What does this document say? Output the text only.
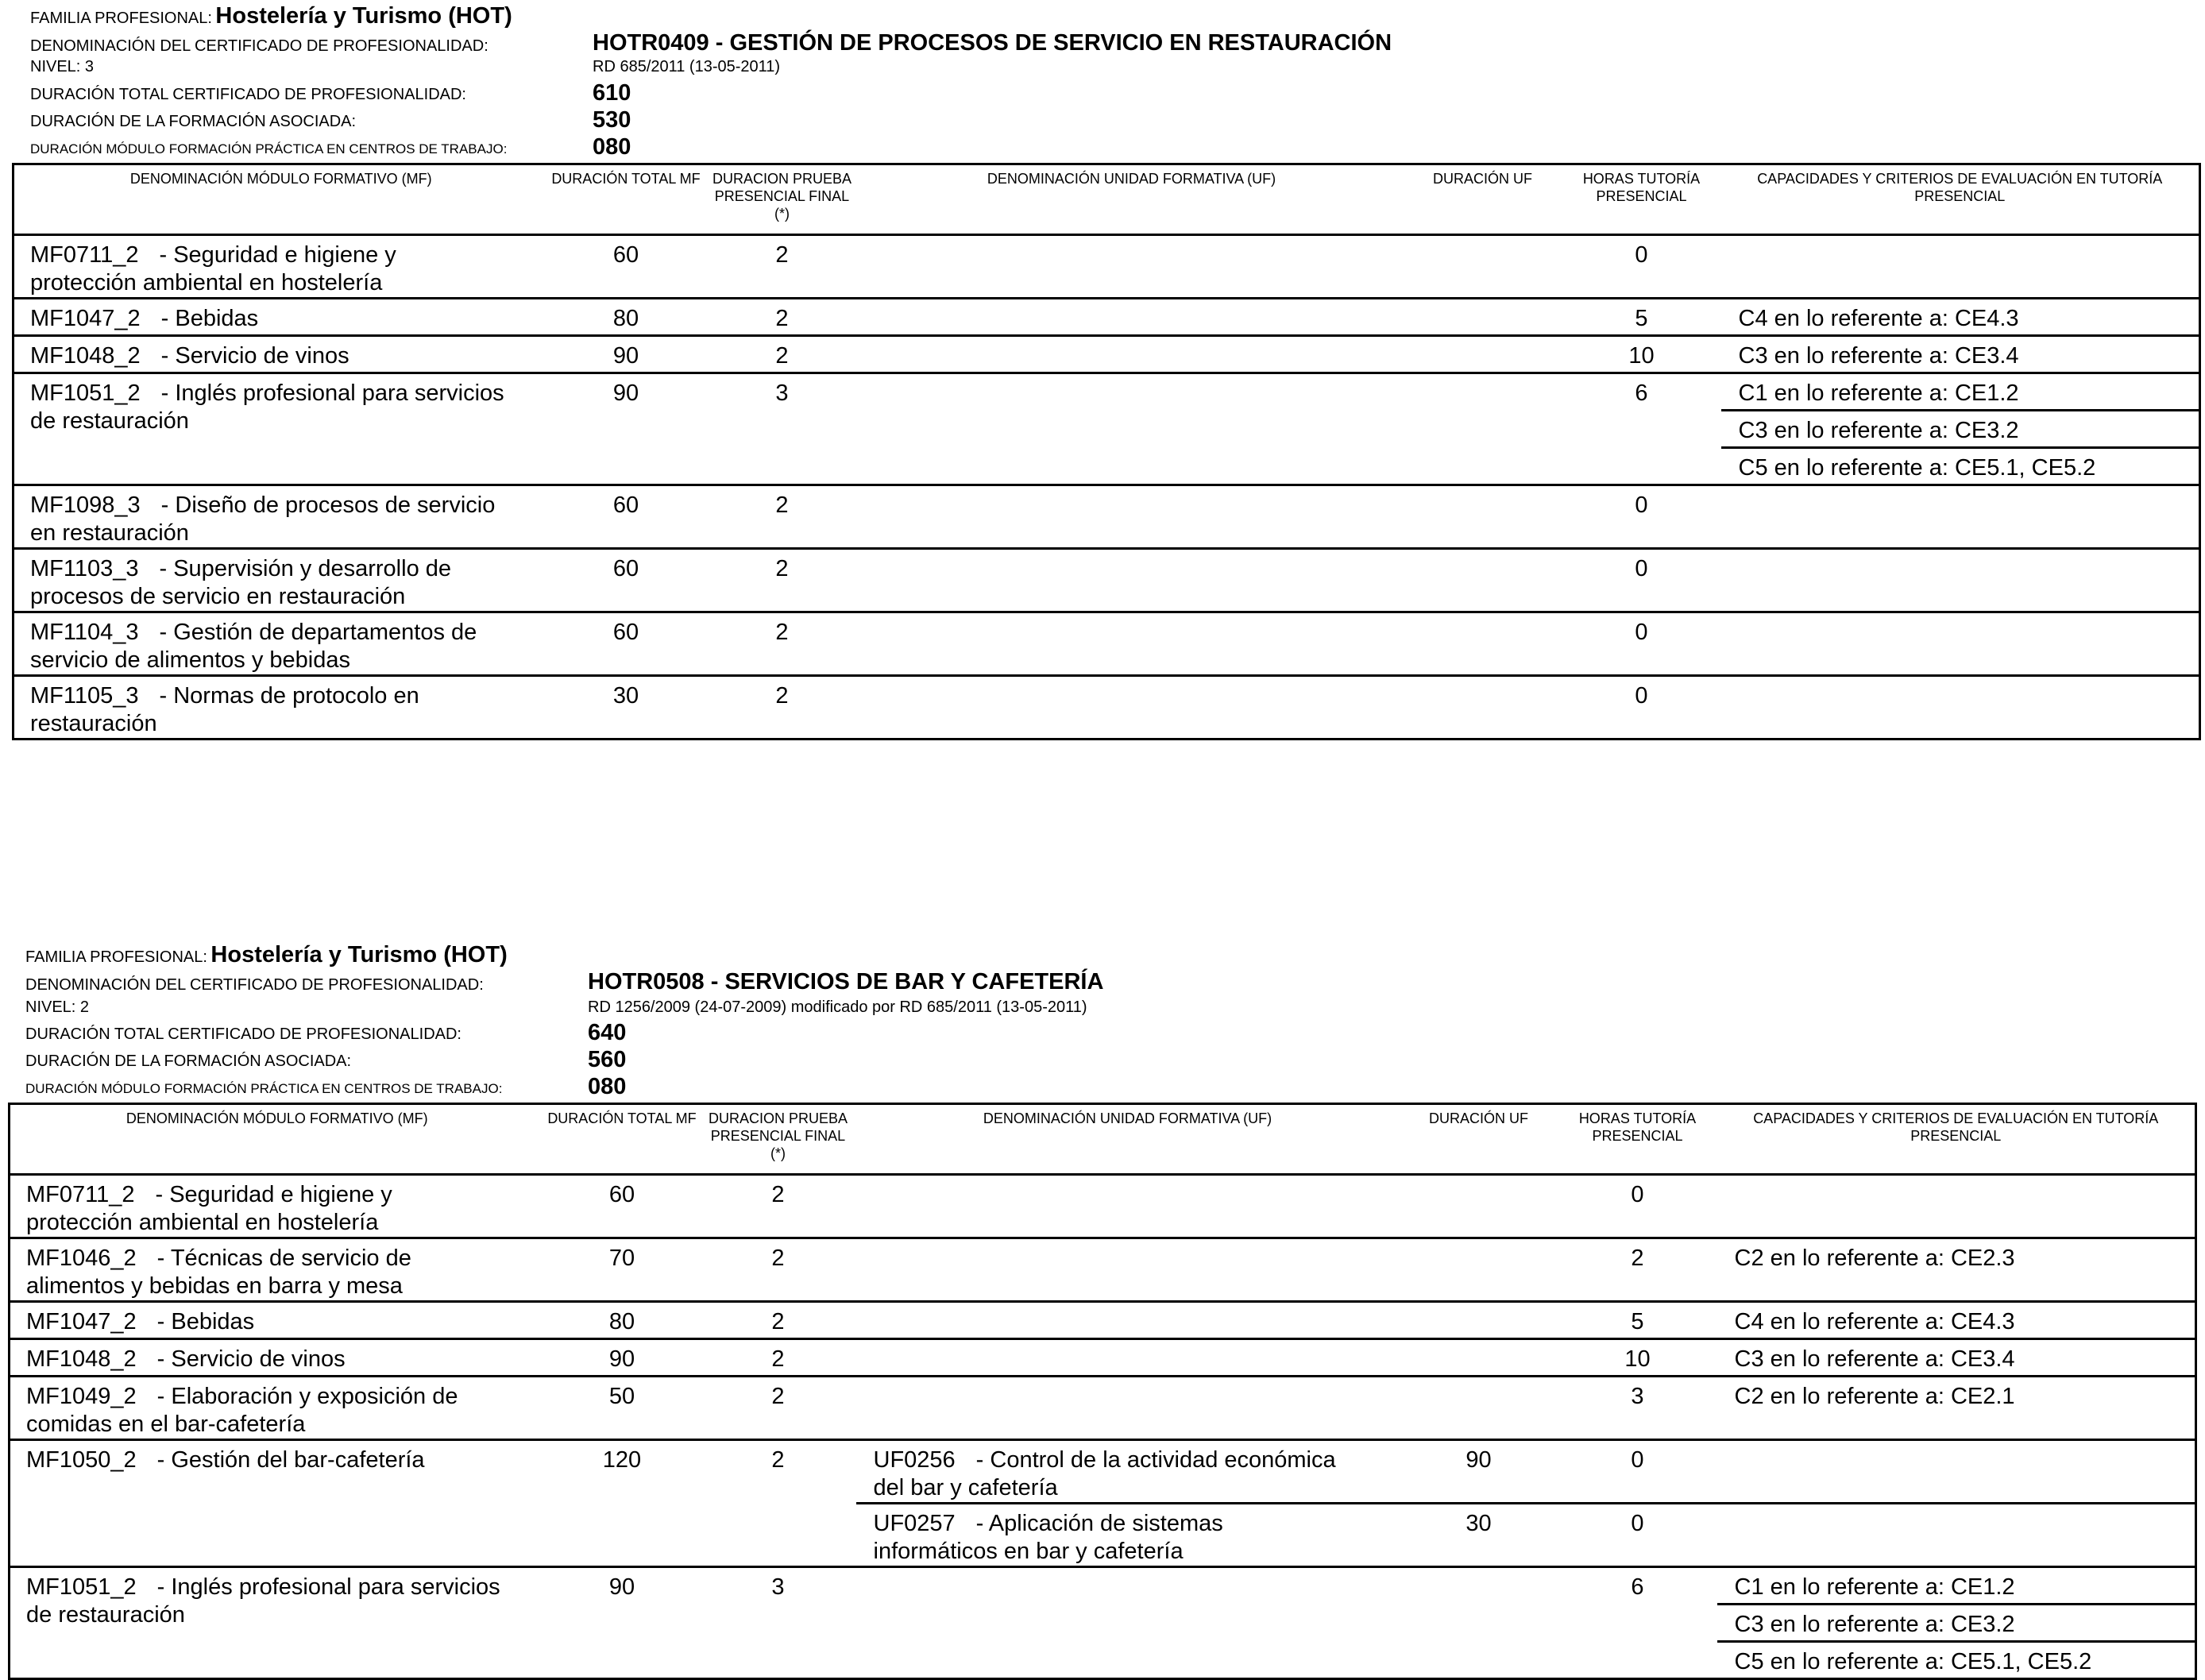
FAMILIA PROFESIONAL: Hostelería y Turismo (HOT)
DENOMINACIÓN DEL CERTIFICADO DE PROFESIONALIDAD:	HOTR0409 - GESTIÓN DE PROCESOS DE SERVICIO EN RESTAURACIÓN
NIVEL: 3	RD 685/2011 (13-05-2011)
DURACIÓN TOTAL CERTIFICADO DE PROFESIONALIDAD:	610
DURACIÓN DE LA FORMACIÓN ASOCIADA:	530
DURACIÓN MÓDULO FORMACIÓN PRÁCTICA EN CENTROS DE TRABAJO:	080
DENOMINACIÓN MÓDULO FORMATIVO (MF)	DURACIÓN TOTAL MF	DURACION PRUEBA PRESENCIAL FINAL (*)	DENOMINACIÓN UNIDAD FORMATIVA (UF)	DURACIÓN UF	HORAS TUTORÍA PRESENCIAL	CAPACIDADES Y CRITERIOS DE EVALUACIÓN EN TUTORÍA PRESENCIAL
MF0711_2 - Seguridad e higiene y
protección ambiental en hostelería	60	2			0	
MF1047_2 - Bebidas	80	2			5	C4 en lo referente a: CE4.3
MF1048_2 - Servicio de vinos	90	2			10	C3 en lo referente a: CE3.4
MF1051_2 - Inglés profesional para servicios
de restauración	90	3			6	C1 en lo referente a: CE1.2
						C3 en lo referente a: CE3.2
						C5 en lo referente a: CE5.1, CE5.2
MF1098_3 - Diseño de procesos de servicio
en restauración	60	2			0	
MF1103_3 - Supervisión y desarrollo de
procesos de servicio en restauración	60	2			0	
MF1104_3 - Gestión de departamentos de
servicio de alimentos y bebidas	60	2			0	
MF1105_3 - Normas de protocolo en
restauración	30	2			0	
FAMILIA PROFESIONAL: Hostelería y Turismo (HOT)
DENOMINACIÓN DEL CERTIFICADO DE PROFESIONALIDAD:	HOTR0508 - SERVICIOS DE BAR Y CAFETERÍA
NIVEL: 2	RD 1256/2009 (24-07-2009) modificado por RD 685/2011 (13-05-2011)
DURACIÓN TOTAL CERTIFICADO DE PROFESIONALIDAD:	640
DURACIÓN DE LA FORMACIÓN ASOCIADA:	560
DURACIÓN MÓDULO FORMACIÓN PRÁCTICA EN CENTROS DE TRABAJO:	080
DENOMINACIÓN MÓDULO FORMATIVO (MF)	DURACIÓN TOTAL MF	DURACION PRUEBA PRESENCIAL FINAL (*)	DENOMINACIÓN UNIDAD FORMATIVA (UF)	DURACIÓN UF	HORAS TUTORÍA PRESENCIAL	CAPACIDADES Y CRITERIOS DE EVALUACIÓN EN TUTORÍA PRESENCIAL
MF0711_2 - Seguridad e higiene y
protección ambiental en hostelería	60	2			0	
MF1046_2 - Técnicas de servicio de
alimentos y bebidas en barra y mesa	70	2			2	C2 en lo referente a: CE2.3
MF1047_2 - Bebidas	80	2			5	C4 en lo referente a: CE4.3
MF1048_2 - Servicio de vinos	90	2			10	C3 en lo referente a: CE3.4
MF1049_2 - Elaboración y exposición de
comidas en el bar-cafetería	50	2			3	C2 en lo referente a: CE2.1
MF1050_2 - Gestión del bar-cafetería	120	2	UF0256 - Control de la actividad económica
del bar y cafetería	90	0	
			UF0257 - Aplicación de sistemas
informáticos en bar y cafetería	30	0	
MF1051_2 - Inglés profesional para servicios
de restauración	90	3			6	C1 en lo referente a: CE1.2
						C3 en lo referente a: CE3.2
						C5 en lo referente a: CE5.1, CE5.2
